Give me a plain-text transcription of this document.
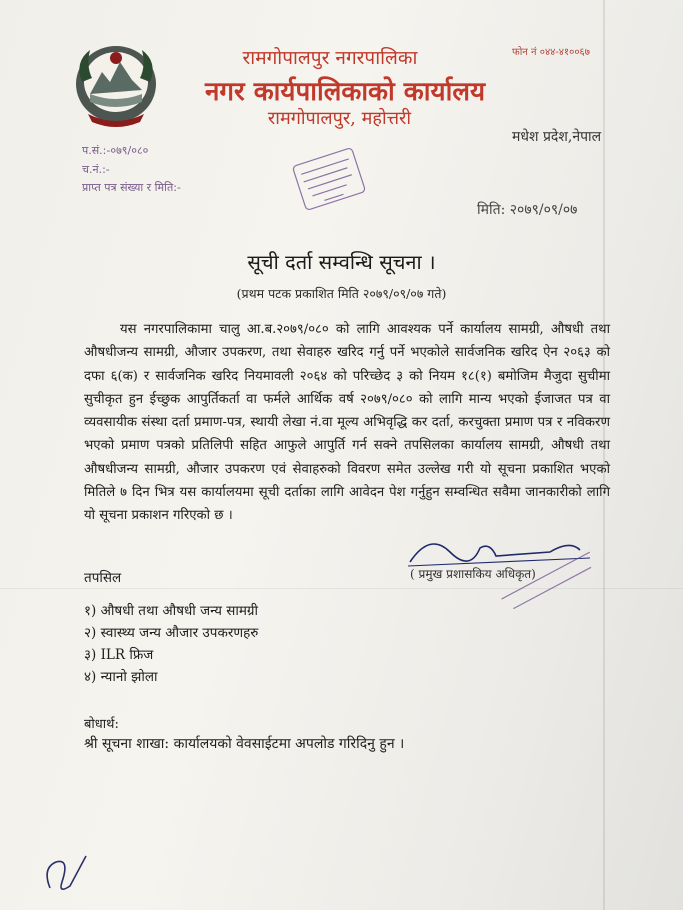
रामगोपालपुर नगरपालिका
नगर कार्यपालिकाको कार्यालय
रामगोपालपुर, महोत्तरी
फोन नं ०४४-४१००६७
मधेश प्रदेश,नेपाल
प.सं.:-०७९/०८०
च.नं.:-
प्राप्त पत्र संख्या र मिति:-
मिति: २०७९/०९/०७
सूची दर्ता सम्वन्धि सूचना ।
(प्रथम पटक प्रकाशित मिति २०७९/०९/०७ गते)
यस नगरपालिकामा चालु आ.ब.२०७९/०८० को लागि आवश्यक पर्ने कार्यालय सामग्री, औषधी तथा औषधीजन्य सामग्री, औजार उपकरण, तथा सेवाहरु खरिद गर्नु पर्ने भएकोले सार्वजनिक खरिद ऐन २०६३ को दफा ६(क) र सार्वजनिक खरिद नियमावली २०६४ को परिच्छेद ३ को नियम १८(१) बमोजिम मैजुदा सुचीमा सुचीकृत हुन ईच्छुक आपुर्तिकर्ता वा फर्मले आर्थिक वर्ष २०७९/०८० को लागि मान्य भएको ईजाजत पत्र वा व्यवसायीक संस्था दर्ता प्रमाण-पत्र, स्थायी लेखा नं.वा मूल्य अभिवृद्धि कर दर्ता, करचुक्ता प्रमाण पत्र र नविकरण भएको प्रमाण पत्रको प्रतिलिपी सहित आफुले आपुर्ति गर्न सक्ने तपसिलका कार्यालय सामग्री, औषधी तथा औषधीजन्य सामग्री, औजार उपकरण एवं सेवाहरुको विवरण समेत उल्लेख गरी यो सूचना प्रकाशित भएको मितिले ७ दिन भित्र यस कार्यालयमा सूची दर्ताका लागि आवेदन पेश गर्नुहुन सम्वन्धित सवैमा जानकारीको लागि यो सूचना प्रकाशन गरिएको छ ।
( प्रमुख प्रशासकिय अधिकृत)
तपसिल
१) औषधी तथा औषधी जन्य सामग्री
२) स्वास्थ्य जन्य औजार उपकरणहरु
३) ILR फ्रिज
४) न्यानो झोला
बोधार्थ:
श्री सूचना शाखा: कार्यालयको वेवसाईटमा अपलोड गरिदिनु हुन ।
